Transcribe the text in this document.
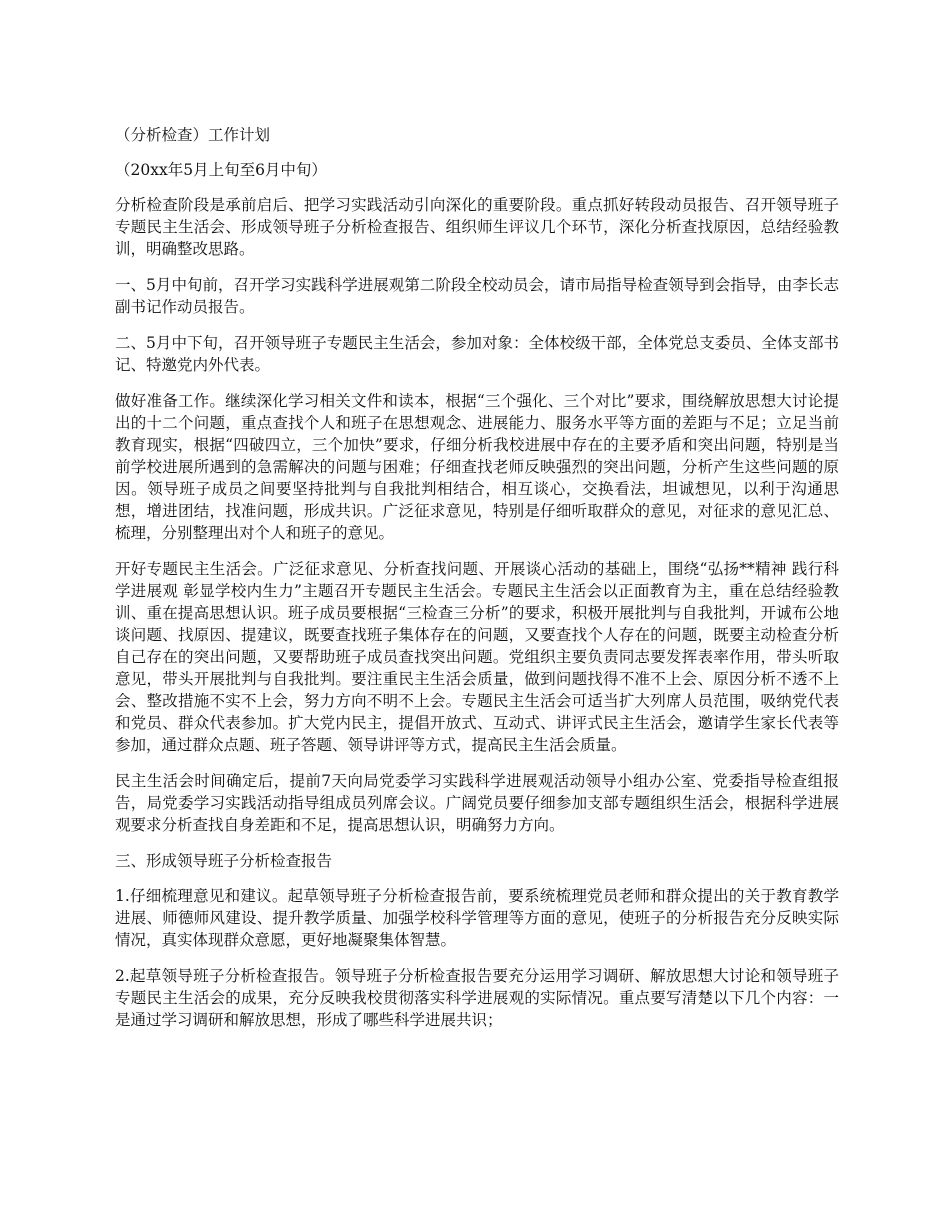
（分析检查）工作计划

（20xx年5月上旬至6月中旬）

分析检查阶段是承前启后、把学习实践活动引向深化的重要阶段。重点抓好转段动员报告、召开领导班子专题民主生活会、形成领导班子分析检查报告、组织师生评议几个环节，深化分析查找原因，总结经验教训，明确整改思路。

一、5月中旬前，召开学习实践科学进展观第二阶段全校动员会，请市局指导检查领导到会指导，由李长志副书记作动员报告。

二、5月中下旬，召开领导班子专题民主生活会，参加对象：全体校级干部，全体党总支委员、全体支部书记、特邀党内外代表。

做好准备工作。继续深化学习相关文件和读本，根据“三个强化、三个对比”要求，围绕解放思想大讨论提出的十二个问题，重点查找个人和班子在思想观念、进展能力、服务水平等方面的差距与不足；立足当前教育现实，根据“四破四立，三个加快”要求，仔细分析我校进展中存在的主要矛盾和突出问题，特别是当前学校进展所遇到的急需解决的问题与困难；仔细查找老师反映强烈的突出问题，分析产生这些问题的原因。领导班子成员之间要坚持批判与自我批判相结合，相互谈心，交换看法，坦诚想见，以利于沟通思想，增进团结，找准问题，形成共识。广泛征求意见，特别是仔细听取群众的意见，对征求的意见汇总、梳理，分别整理出对个人和班子的意见。

开好专题民主生活会。广泛征求意见、分析查找问题、开展谈心活动的基础上，围绕“弘扬**精神 践行科学进展观 彰显学校内生力”主题召开专题民主生活会。专题民主生活会以正面教育为主，重在总结经验教训、重在提高思想认识。班子成员要根据“三检查三分析”的要求，积极开展批判与自我批判，开诚布公地谈问题、找原因、提建议，既要查找班子集体存在的问题，又要查找个人存在的问题，既要主动检查分析自己存在的突出问题，又要帮助班子成员查找突出问题。党组织主要负责同志要发挥表率作用，带头听取意见，带头开展批判与自我批判。要注重民主生活会质量，做到问题找得不准不上会、原因分析不透不上会、整改措施不实不上会，努力方向不明不上会。专题民主生活会可适当扩大列席人员范围，吸纳党代表和党员、群众代表参加。扩大党内民主，提倡开放式、互动式、讲评式民主生活会，邀请学生家长代表等参加，通过群众点题、班子答题、领导讲评等方式，提高民主生活会质量。

民主生活会时间确定后，提前7天向局党委学习实践科学进展观活动领导小组办公室、党委指导检查组报告，局党委学习实践活动指导组成员列席会议。广阔党员要仔细参加支部专题组织生活会，根据科学进展观要求分析查找自身差距和不足，提高思想认识，明确努力方向。

三、形成领导班子分析检查报告

1.仔细梳理意见和建议。起草领导班子分析检查报告前，要系统梳理党员老师和群众提出的关于教育教学进展、师德师风建设、提升教学质量、加强学校科学管理等方面的意见，使班子的分析报告充分反映实际情况，真实体现群众意愿，更好地凝聚集体智慧。

2.起草领导班子分析检查报告。领导班子分析检查报告要充分运用学习调研、解放思想大讨论和领导班子专题民主生活会的成果，充分反映我校贯彻落实科学进展观的实际情况。重点要写清楚以下几个内容：一是通过学习调研和解放思想，形成了哪些科学进展共识；
